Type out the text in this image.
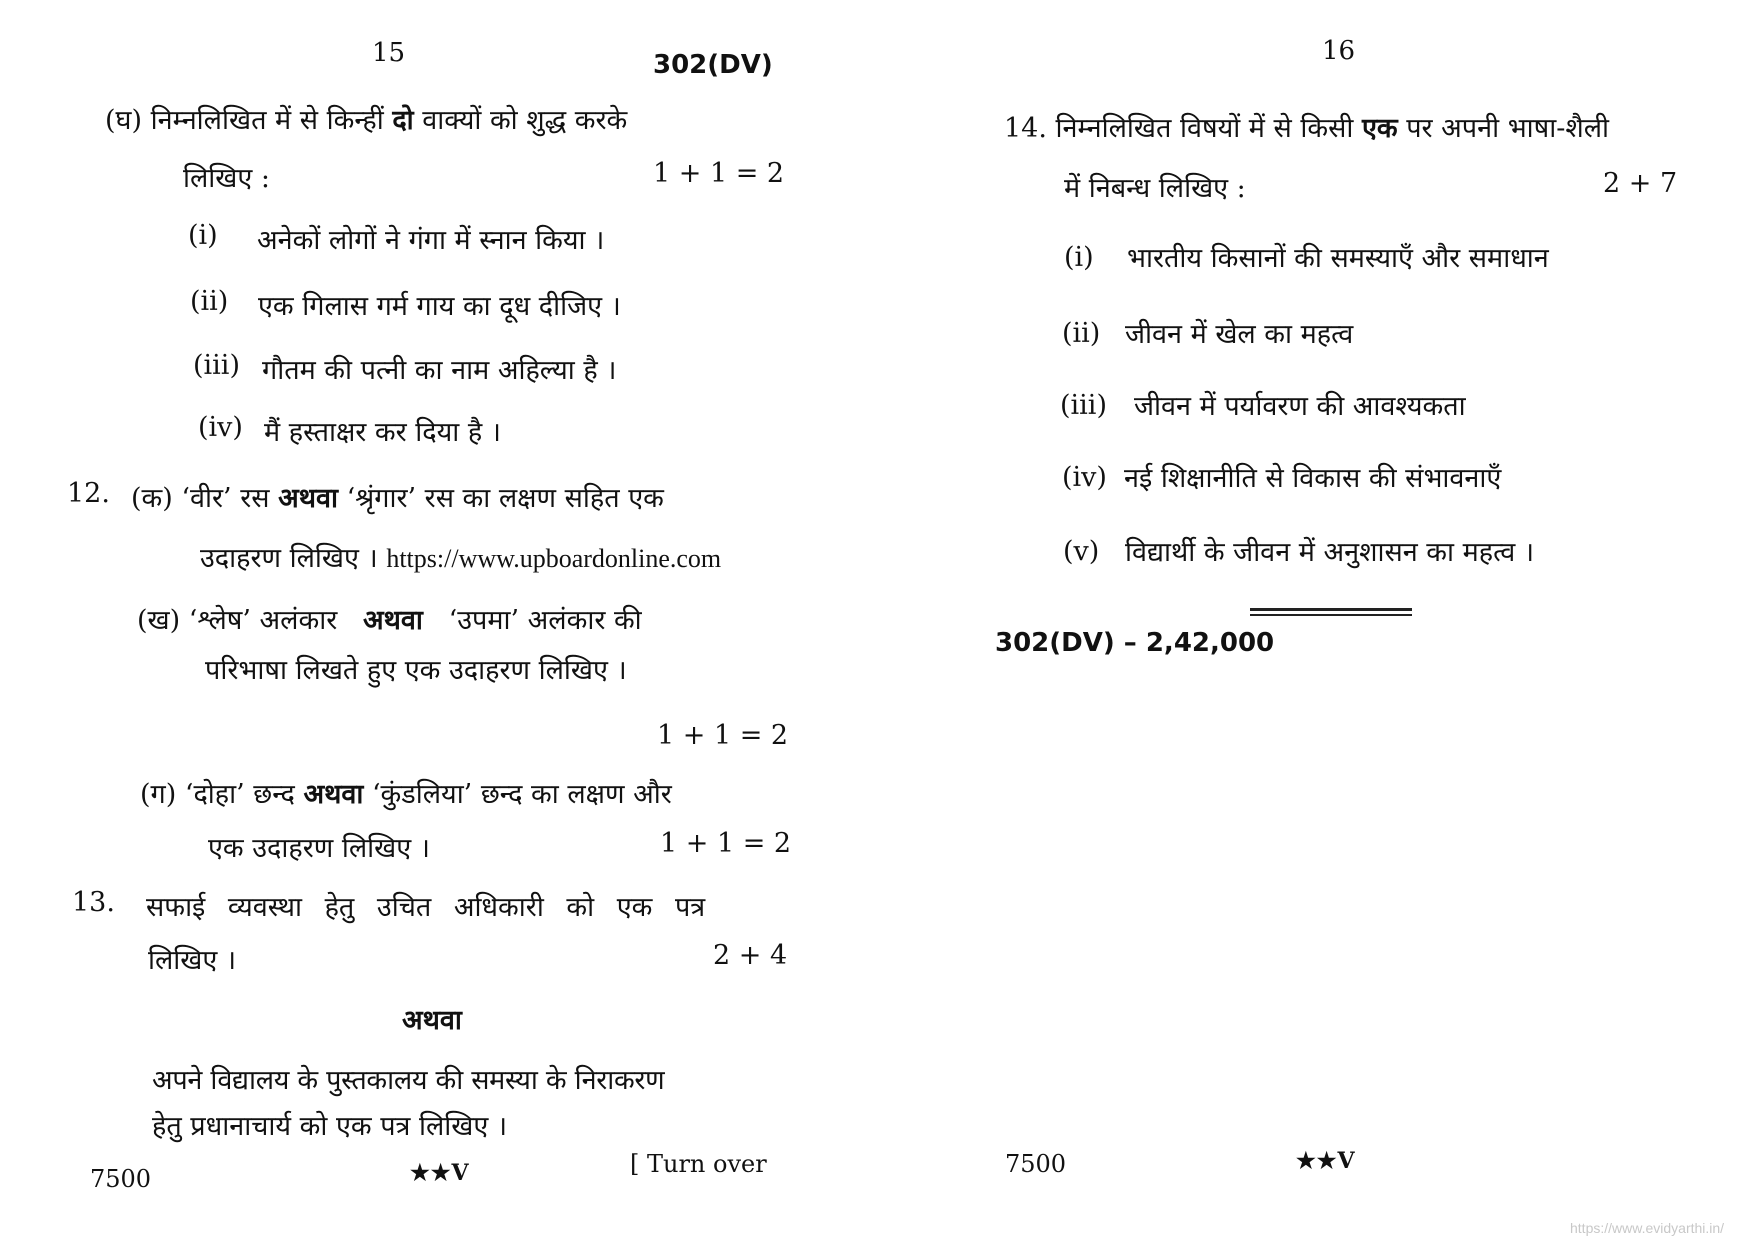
15	302(DV)
(घ) निम्नलिखित में से किन्हीं दो वाक्यों को शुद्ध करके
लिखिए :	1 + 1 = 2
(i) अनेकों लोगों ने गंगा में स्नान किया ।
(ii) एक गिलास गर्म गाय का दूध दीजिए ।
(iii) गौतम की पत्नी का नाम अहिल्या है ।
(iv) मैं हस्ताक्षर कर दिया है ।
12. (क) ‘वीर’ रस अथवा ‘श्रृंगार’ रस का लक्षण सहित एक
उदाहरण लिखिए । https://www.upboardonline.com
(ख) ‘श्लेष’ अलंकार अथवा ‘उपमा’ अलंकार की
परिभाषा लिखते हुए एक उदाहरण लिखिए ।
1 + 1 = 2
(ग) ‘दोहा’ छन्द अथवा ‘कुंडलिया’ छन्द का लक्षण और
एक उदाहरण लिखिए ।	1 + 1 = 2
13. सफाई व्यवस्था हेतु उचित अधिकारी को एक पत्र
लिखिए ।	2 + 4
अथवा
अपने विद्यालय के पुस्तकालय की समस्या के निराकरण
हेतु प्रधानाचार्य को एक पत्र लिखिए ।
7500	★★V	[ Turn over
16
14. निम्नलिखित विषयों में से किसी एक पर अपनी भाषा-शैली
में निबन्ध लिखिए :	2 + 7
(i) भारतीय किसानों की समस्याएँ और समाधान
(ii) जीवन में खेल का महत्व
(iii) जीवन में पर्यावरण की आवश्यकता
(iv) नई शिक्षानीति से विकास की संभावनाएँ
(v) विद्यार्थी के जीवन में अनुशासन का महत्व ।
302(DV) – 2,42,000
7500	★★V
https://www.evidyarthi.in/
